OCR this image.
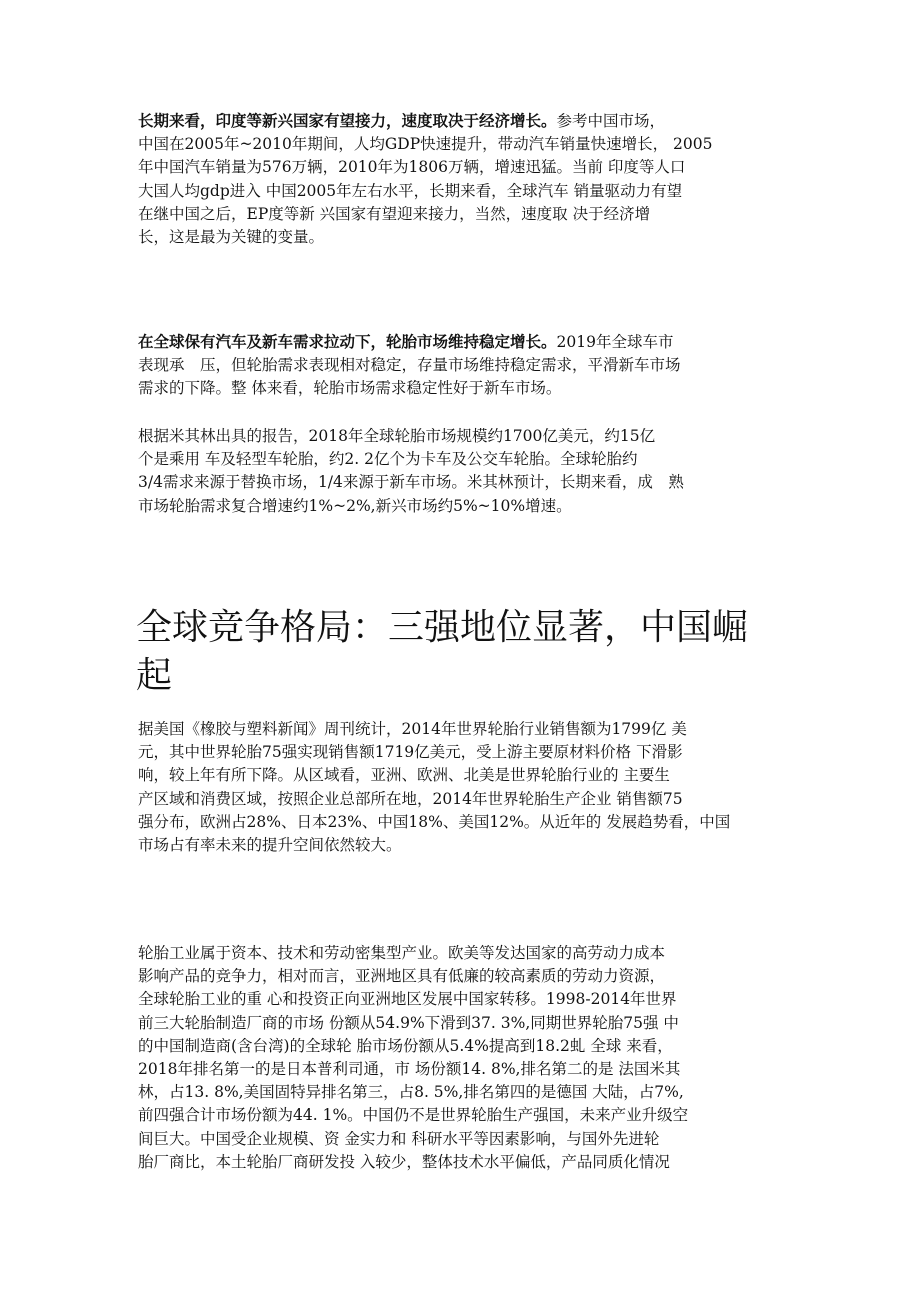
长期来看，印度等新兴国家有望接力，速度取决于经济增长。参考中国市场，
中国在2005年~2010年期间，人均GDP快速提升，带动汽车销量快速增长， 2005
年中国汽车销量为576万辆，2010年为1806万辆，增速迅猛。当前 印度等人口
大国人均gdp进入 中国2005年左右水平，长期来看，全球汽车 销量驱动力有望
在继中国之后，EP度等新 兴国家有望迎来接力，当然，速度取 决于经济增
长，这是最为关键的变量。

在全球保有汽车及新车需求拉动下，轮胎市场维持稳定增长。2019年全球车市
表现承　压，但轮胎需求表现相对稳定，存量市场维持稳定需求，平滑新车市场
需求的下降。整 体来看，轮胎市场需求稳定性好于新车市场。

根据米其林出具的报告，2018年全球轮胎市场规模约1700亿美元，约15亿
个是乘用 车及轻型车轮胎，约2. 2亿个为卡车及公交车轮胎。全球轮胎约
3/4需求来源于替换市场，1/4来源于新车市场。米其林预计，长期来看，成　熟
市场轮胎需求复合增速约1%~2%,新兴市场约5%~10%增速。

全球竞争格局：三强地位显著，中国崛
起

据美国《橡胶与塑料新闻》周刊统计，2014年世界轮胎行业销售额为1799亿 美
元，其中世界轮胎75强实现销售额1719亿美元，受上游主要原材料价格 下滑影
响，较上年有所下降。从区域看，亚洲、欧洲、北美是世界轮胎行业的 主要生
产区域和消费区域，按照企业总部所在地，2014年世界轮胎生产企业 销售额75
强分布，欧洲占28%、日本23%、中国18%、美国12%。从近年的 发展趋势看，中国
市场占有率未来的提升空间依然较大。

轮胎工业属于资本、技术和劳动密集型产业。欧美等发达国家的高劳动力成本
影响产品的竞争力，相对而言，亚洲地区具有低廉的较高素质的劳动力资源，
全球轮胎工业的重 心和投资正向亚洲地区发展中国家转移。1998-2014年世界
前三大轮胎制造厂商的市场 份额从54.9%下滑到37. 3%,同期世界轮胎75强 中
的中国制造商(含台湾)的全球轮 胎市场份额从5.4%提高到18.2虬 全球 来看，
2018年排名第一的是日本普利司通，市 场份额14. 8%,排名第二的是 法国米其
林，占13. 8%,美国固特异排名第三，占8. 5%,排名第四的是德国 大陆，占7%,
前四强合计市场份额为44. 1%。中国仍不是世界轮胎生产强国，未来产业升级空
间巨大。中国受企业规模、资 金实力和 科研水平等因素影响，与国外先进轮
胎厂商比，本土轮胎厂商研发投 入较少，整体技术水平偏低，产品同质化情况
